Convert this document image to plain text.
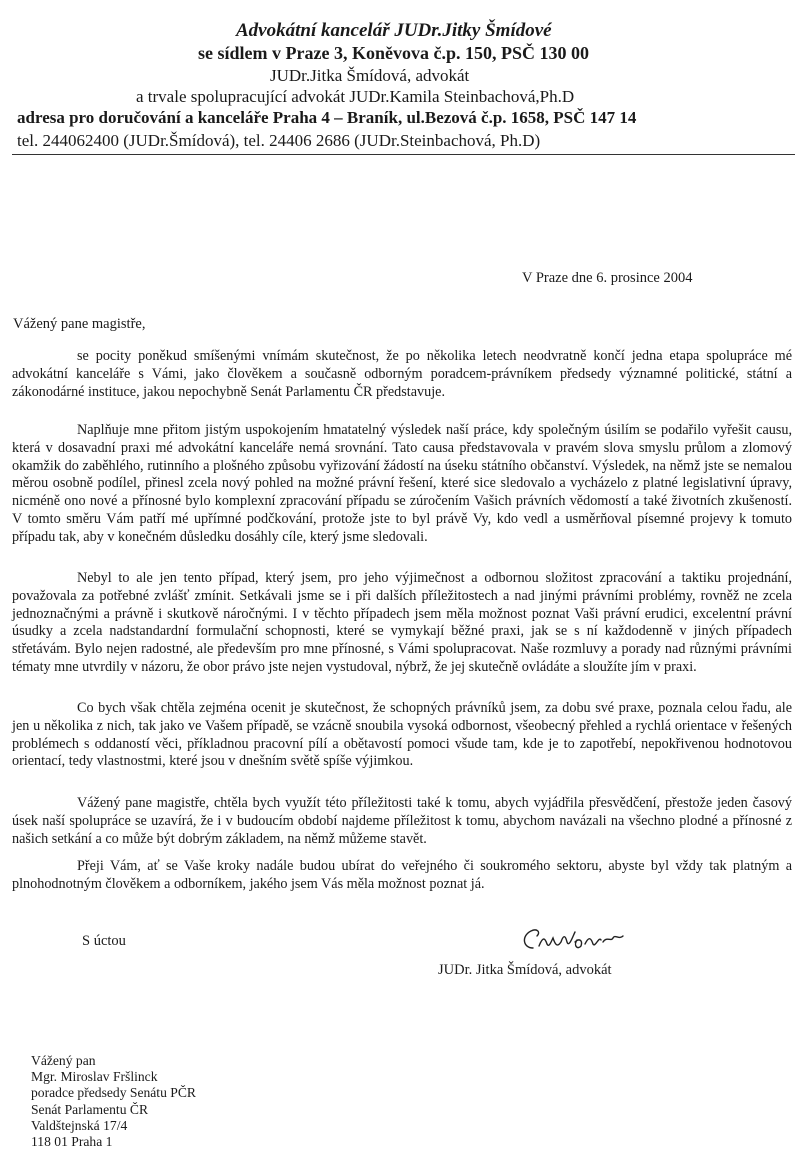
Advokátní kancelář JUDr.Jitky Šmídové
se sídlem v Praze 3, Koněvova č.p. 150, PSČ 130 00
JUDr.Jitka Šmídová, advokát
a trvale spolupracující advokát JUDr.Kamila Steinbachová,Ph.D
adresa pro doručování a kanceláře Praha 4 – Braník, ul.Bezová č.p. 1658, PSČ 147 14
tel. 244062400 (JUDr.Šmídová), tel. 24406 2686 (JUDr.Steinbachová, Ph.D)
V Praze dne 6. prosince 2004
Vážený pane magistře,

se pocity poněkud smíšenými vnímám skutečnost, že po několika letech neodvratně končí jedna etapa spolupráce mé advokátní kanceláře s Vámi, jako člověkem a současně odborným poradcem-právníkem předsedy významné politické, státní a zákonodárné instituce, jakou nepochybně Senát Parlamentu ČR představuje.

Naplňuje mne přitom jistým uspokojením hmatatelný výsledek naší práce, kdy společným úsilím se podařilo vyřešit causu, která v dosavadní praxi mé advokátní kanceláře nemá srovnání. Tato causa představovala v pravém slova smyslu průlom a zlomový okamžik do zaběhlého, rutinního a plošného způsobu vyřizování žádostí na úseku státního občanství. Výsledek, na němž jste se nemalou měrou osobně podílel, přinesl zcela nový pohled na možné právní řešení, které sice sledovalo a vycházelo z platné legislativní úpravy, nicméně ono nové a přínosné bylo komplexní zpracování případu se zúročením Vašich právních vědomostí a také životních zkušeností. V tomto směru Vám patří mé upřímné podčkování, protože jste to byl právě Vy, kdo vedl a usměrňoval písemné projevy k tomuto případu tak, aby v konečném důsledku dosáhly cíle, který jsme sledovali.

Nebyl to ale jen tento případ, který jsem, pro jeho výjimečnost a odbornou složitost zpracování a taktiku projednání, považovala za potřebné zvlášť zmínit. Setkávali jsme se i při dalších příležitostech a nad jinými právními problémy, rovněž ne zcela jednoznačnými a právně i skutkově náročnými. I v těchto případech jsem měla možnost poznat Vaši právní erudici, excelentní právní úsudky a zcela nadstandardní formulační schopnosti, které se vymykají běžné praxi, jak se s ní každodenně v jiných případech střetávám. Bylo nejen radostné, ale především pro mne přínosné, s Vámi spolupracovat. Naše rozmluvy a porady nad různými právními tématy mne utvrdily v názoru, že obor právo jste nejen vystudoval, nýbrž, že jej skutečně ovládáte a sloužíte jím v praxi.

Co bych však chtěla zejména ocenit je skutečnost, že schopných právníků jsem, za dobu své praxe, poznala celou řadu, ale jen u několika z nich, tak jako ve Vašem případě, se vzácně snoubila vysoká odbornost, všeobecný přehled a rychlá orientace v řešených problémech s oddaností věci, příkladnou pracovní pílí a obětavostí pomoci všude tam, kde je to zapotřebí, nepokřivenou hodnotovou orientací, tedy vlastnostmi, které jsou v dnešním světě spíše výjimkou.

Vážený pane magistře, chtěla bych využít této příležitosti také k tomu, abych vyjádřila přesvědčení, přestože jeden časový úsek naší spolupráce se uzavírá, že i v budoucím období najdeme příležitost k tomu, abychom navázali na všechno plodné a přínosné z našich setkání a co může být dobrým základem, na němž můžeme stavět.

Přeji Vám, ať se Vaše kroky nadále budou ubírat do veřejného či soukromého sektoru, abyste byl vždy tak platným a plnohodnotným člověkem a odborníkem, jakého jsem Vás měla možnost poznat já.

S úctou
JUDr. Jitka Šmídová, advokát
Vážený pan
Mgr. Miroslav Fršlinck
poradce předsedy Senátu PČR
Senát Parlamentu ČR
Valdštejnská 17/4
118 01 Praha 1
